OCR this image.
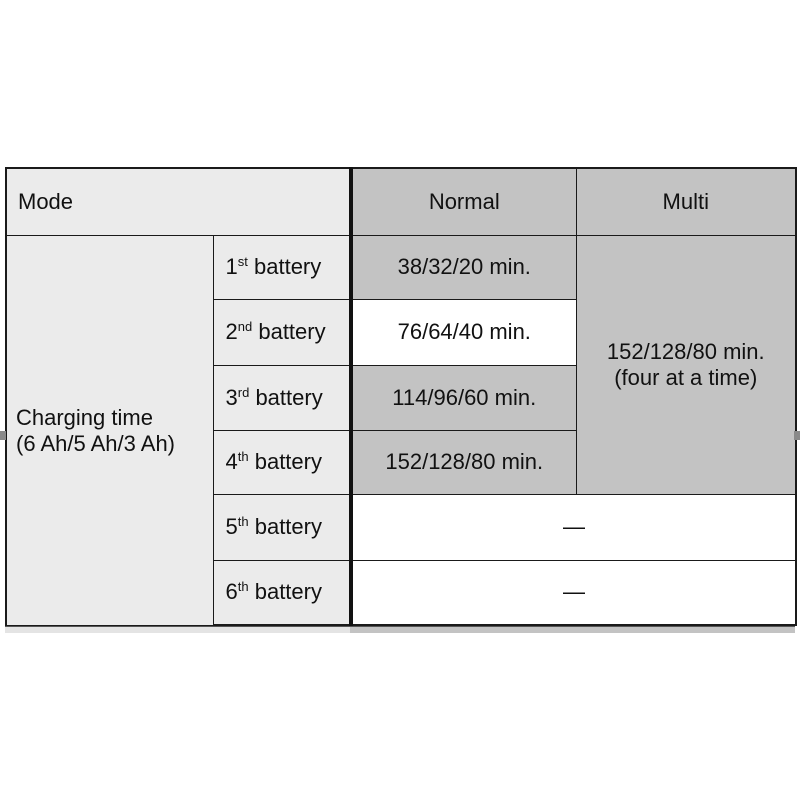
Mode		Normal	Multi
Charging time
(6 Ah/5 Ah/3 Ah)	1st battery	38/32/20 min.	152/128/80 min.
(four at a time)
	2nd battery	76/64/40 min.	
	3rd battery	114/96/60 min.	
	4th battery	152/128/80 min.	
	5th battery	—	
	6th battery	—	
